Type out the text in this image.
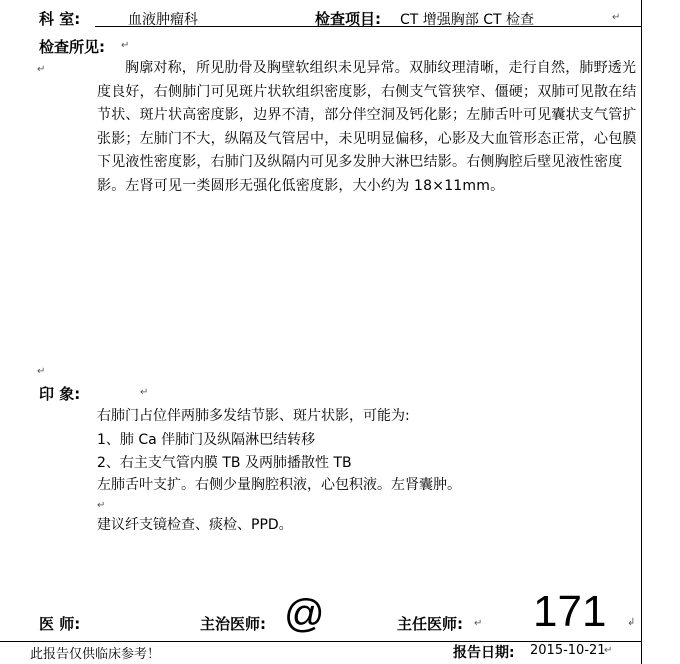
科 室:	血液肿瘤科	检查项目: CT 增强胸部 CT 检查	↵
检查所见: ↵
↵	胸廓对称，所见肋骨及胸壁软组织未见异常。双肺纹理清晰，走行自然，肺野透光度良好，右侧肺门可见斑片状软组织密度影，右侧支气管狭窄、僵硬；双肺可见散在结节状、斑片状高密度影，边界不清，部分伴空洞及钙化影；左肺舌叶可见囊状支气管扩张影；左肺门不大，纵隔及气管居中，未见明显偏移，心影及大血管形态正常，心包膜下见液性密度影，右肺门及纵隔内可见多发肿大淋巴结影。右侧胸腔后壁见液性密度影。左肾可见一类圆形无强化低密度影，大小约为 18×11mm。
↵
印 象:	↵
右肺门占位伴两肺多发结节影、斑片状影，可能为:
1、肺 Ca 伴肺门及纵隔淋巴结转移
2、右主支气管内膜 TB 及两肺播散性 TB
左肺舌叶支扩。右侧少量胸腔积液，心包积液。左肾囊肿。
↵
建议纤支镜检查、痰检、PPD。
医 师:	主治医师: @	主任医师: ↵ 171 ↲
此报告仅供临床参考！	报告日期: 2015-10-21
↵
